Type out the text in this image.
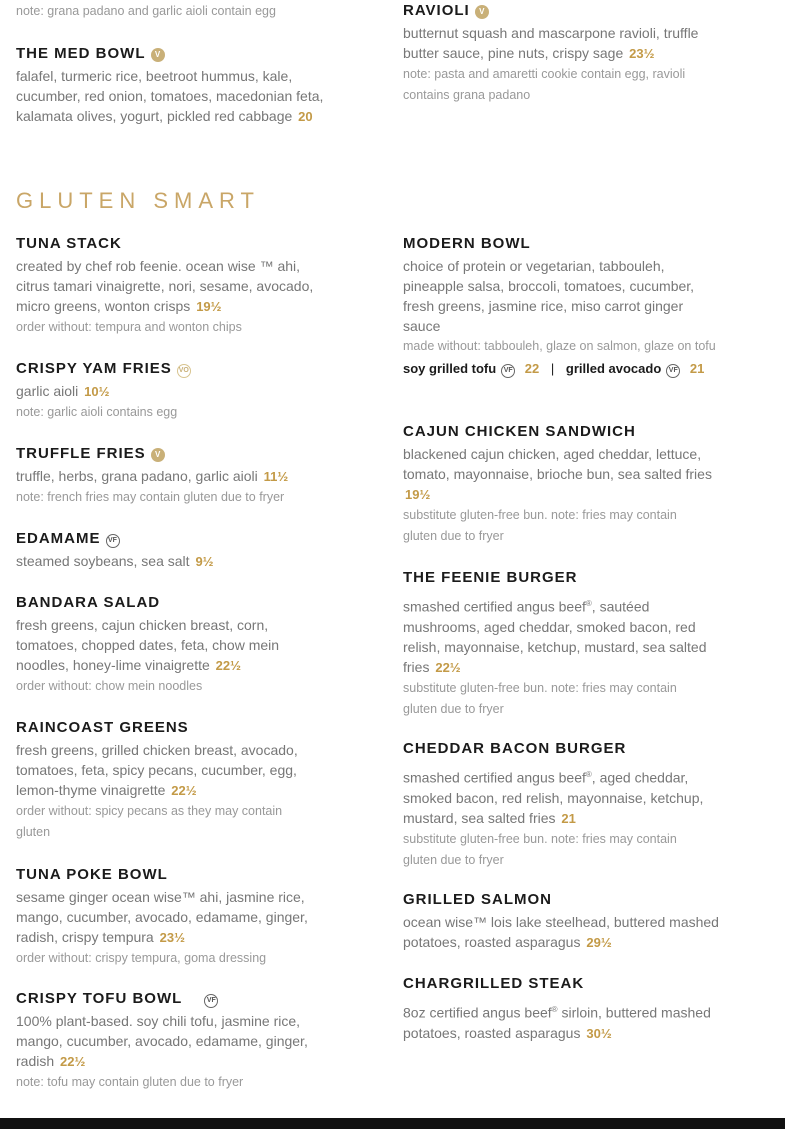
note: grana padano and garlic aioli contain egg
THE MED BOWL V
falafel, turmeric rice, beetroot hummus, kale, cucumber, red onion, tomatoes, macedonian feta, kalamata olives, yogurt, pickled red cabbage 20
RAVIOLI V
butternut squash and mascarpone ravioli, truffle butter sauce, pine nuts, crispy sage 23½
note: pasta and amaretti cookie contain egg, ravioli contains grana padano
GLUTEN SMART
TUNA STACK
created by chef rob feenie. ocean wise ™ ahi, citrus tamari vinaigrette, nori, sesame, avocado, micro greens, wonton crisps 19½
order without: tempura and wonton chips
CRISPY YAM FRIES VO
garlic aioli 10½
note: garlic aioli contains egg
TRUFFLE FRIES V
truffle, herbs, grana padano, garlic aioli 11½
note: french fries may contain gluten due to fryer
EDAMAME VF
steamed soybeans, sea salt 9½
BANDARA SALAD
fresh greens, cajun chicken breast, corn, tomatoes, chopped dates, feta, chow mein noodles, honey-lime vinaigrette 22½
order without: chow mein noodles
RAINCOAST GREENS
fresh greens, grilled chicken breast, avocado, tomatoes, feta, spicy pecans, cucumber, egg, lemon-thyme vinaigrette 22½
order without: spicy pecans as they may contain gluten
TUNA POKE BOWL
sesame ginger ocean wise™ ahi, jasmine rice, mango, cucumber, avocado, edamame, ginger, radish, crispy tempura 23½
order without: crispy tempura, goma dressing
CRISPY TOFU BOWL	VF
100% plant-based. soy chili tofu, jasmine rice, mango, cucumber, avocado, edamame, ginger, radish 22½
note: tofu may contain gluten due to fryer
MODERN BOWL
choice of protein or vegetarian, tabbouleh, pineapple salsa, broccoli, tomatoes, cucumber, fresh greens, jasmine rice, miso carrot ginger sauce
made without: tabbouleh, glaze on salmon, glaze on tofu
soy grilled tofu VF 22 | grilled avocado VF 21
CAJUN CHICKEN SANDWICH
blackened cajun chicken, aged cheddar, lettuce, tomato, mayonnaise, brioche bun, sea salted fries 19½
substitute gluten-free bun. note: fries may contain gluten due to fryer
THE FEENIE BURGER
smashed certified angus beef®, sautéed mushrooms, aged cheddar, smoked bacon, red relish, mayonnaise, ketchup, mustard, sea salted fries 22½
substitute gluten-free bun. note: fries may contain gluten due to fryer
CHEDDAR BACON BURGER
smashed certified angus beef®, aged cheddar, smoked bacon, red relish, mayonnaise, ketchup, mustard, sea salted fries 21
substitute gluten-free bun. note: fries may contain gluten due to fryer
GRILLED SALMON
ocean wise™ lois lake steelhead, buttered mashed potatoes, roasted asparagus 29½
CHARGRILLED STEAK
8oz certified angus beef® sirloin, buttered mashed potatoes, roasted asparagus 30½
